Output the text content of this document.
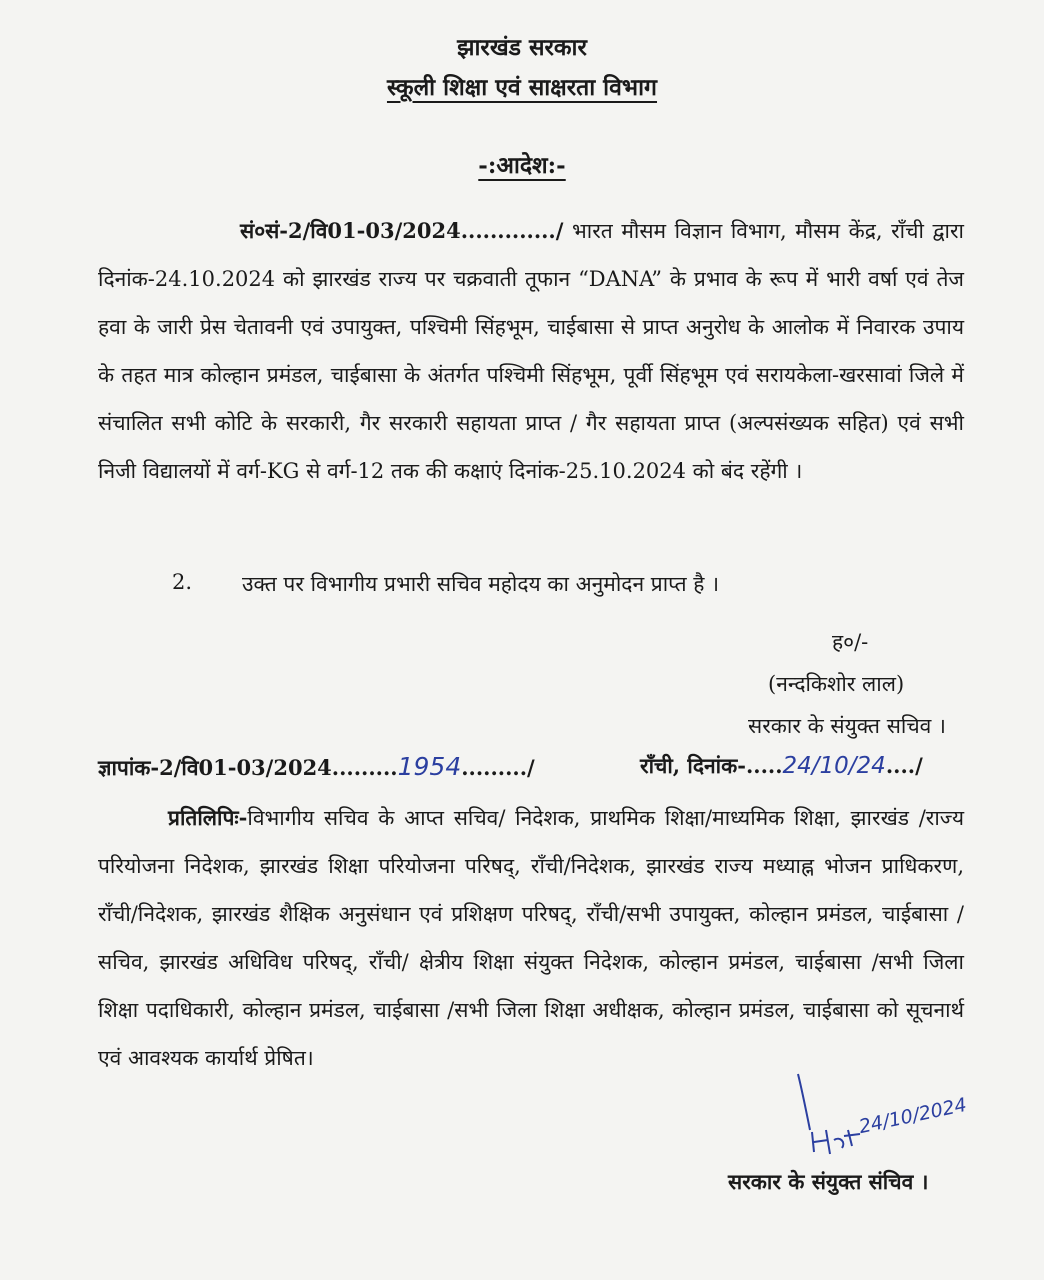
झारखंड सरकार
स्कूली शिक्षा एवं साक्षरता विभाग
-:आदेश:-
सं०सं-2/वि01-03/2024............./ भारत मौसम विज्ञान विभाग, मौसम केंद्र, राँची द्वारा दिनांक-24.10.2024 को झारखंड राज्य पर चक्रवाती तूफान “DANA” के प्रभाव के रूप में भारी वर्षा एवं तेज हवा के जारी प्रेस चेतावनी एवं उपायुक्त, पश्चिमी सिंहभूम, चाईबासा से प्राप्त अनुरोध के आलोक में निवारक उपाय के तहत मात्र कोल्हान प्रमंडल, चाईबासा के अंतर्गत पश्चिमी सिंहभूम, पूर्वी सिंहभूम एवं सरायकेला-खरसावां जिले में संचालित सभी कोटि के सरकारी, गैर सरकारी सहायता प्राप्त / गैर सहायता प्राप्त (अल्पसंख्यक सहित) एवं सभी निजी विद्यालयों में वर्ग-KG से वर्ग-12 तक की कक्षाएं दिनांक-25.10.2024 को बंद रहेंगी ।
2. उक्त पर विभागीय प्रभारी सचिव महोदय का अनुमोदन प्राप्त है ।
ह०/-
(नन्दकिशोर लाल)
सरकार के संयुक्त सचिव ।
ज्ञापांक-2/वि01-03/2024.........1954........./	राँची, दिनांक-.....24/10/24..../
प्रतिलिपिः-विभागीय सचिव के आप्त सचिव/ निदेशक, प्राथमिक शिक्षा/माध्यमिक शिक्षा, झारखंड /राज्य परियोजना निदेशक, झारखंड शिक्षा परियोजना परिषद्, राँची/निदेशक, झारखंड राज्य मध्याह्न भोजन प्राधिकरण, राँची/निदेशक, झारखंड शैक्षिक अनुसंधान एवं प्रशिक्षण परिषद्, राँची/सभी उपायुक्त, कोल्हान प्रमंडल, चाईबासा /सचिव, झारखंड अधिविध परिषद्, राँची/ क्षेत्रीय शिक्षा संयुक्त निदेशक, कोल्हान प्रमंडल, चाईबासा /सभी जिला शिक्षा पदाधिकारी, कोल्हान प्रमंडल, चाईबासा /सभी जिला शिक्षा अधीक्षक, कोल्हान प्रमंडल, चाईबासा को सूचनार्थ एवं आवश्यक कार्यार्थ प्रेषित।
24/10/2024
सरकार के संयुक्त संचिव ।
